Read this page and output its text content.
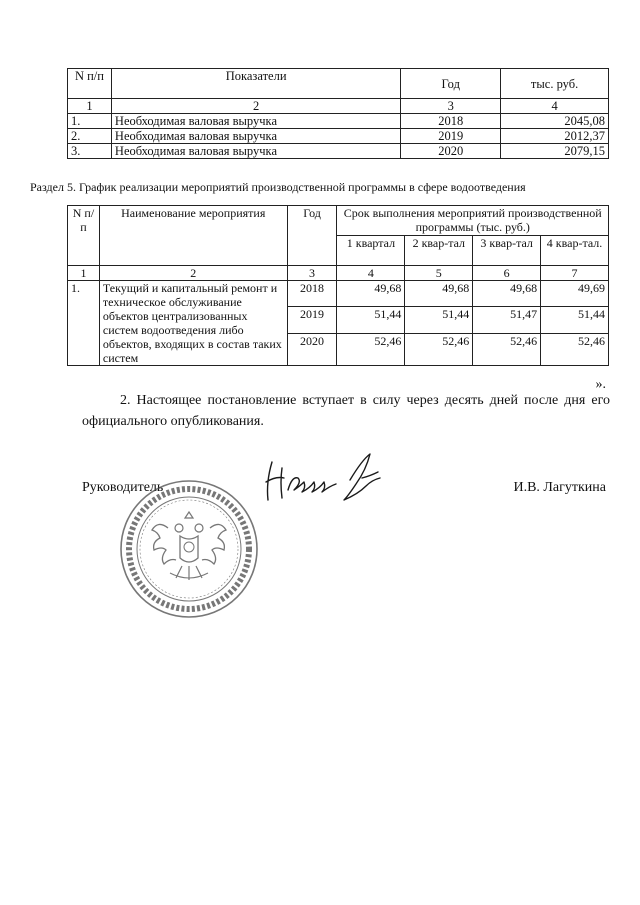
N п/п	Показатели	Год	тыс. руб.
1	2	3	4
1.	Необходимая валовая выручка	2018	2045,08
2.	Необходимая валовая выручка	2019	2012,37
3.	Необходимая валовая выручка	2020	2079,15
Раздел 5. График реализации мероприятий производственной программы в сфере водоотведения
N п/п	Наименование мероприятия	Год	Срок выполнения мероприятий производственной программы (тыс. руб.)			
			1 квартал	2 квар-тал	3 квар-тал	4 квар-тал.
1	2	3	4	5	6	7
1.	Текущий и капитальный ремонт и техническое обслуживание объектов централизованных систем водоотведения либо объектов, входящих в состав таких систем	2018	49,68	49,68	49,68	49,69
		2019	51,44	51,44	51,47	51,44
		2020	52,46	52,46	52,46	52,46
».
2. Настоящее постановление вступает в силу через десять дней после дня его официального опубликования.
Руководитель	И.В. Лагуткина
